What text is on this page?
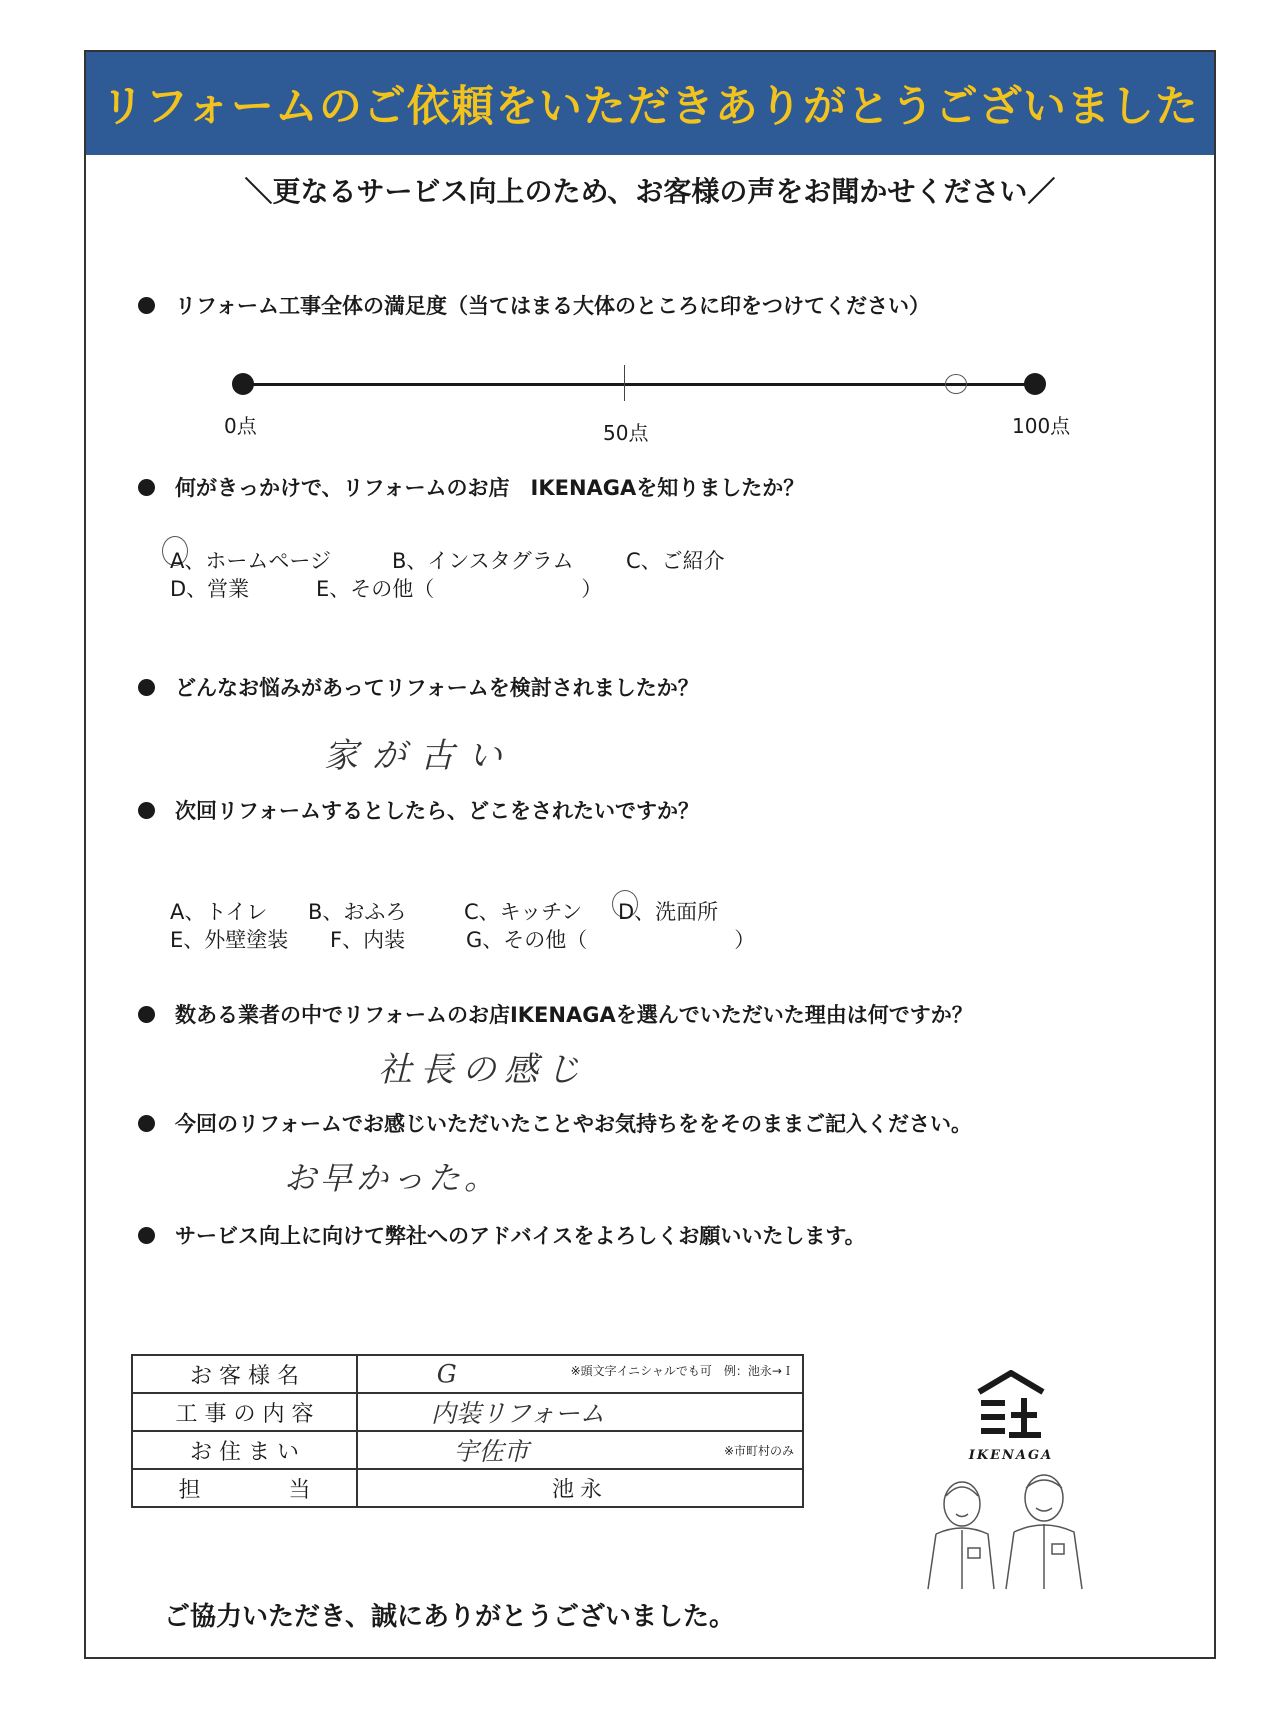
リフォームのご依頼をいただきありがとうございました
＼更なるサービス向上のため、お客様の声をお聞かせください／
リフォーム工事全体の満足度（当てはまる大体のところに印をつけてください）
0点	50点	100点
何がきっかけで、リフォームのお店　IKENAGAを知りましたか？
A、ホームページ	B、インスタグラム C、ご紹介
D、営業	E、その他（　　　　　　　）
どんなお悩みがあってリフォームを検討されましたか？
家が古い
次回リフォームするとしたら、どこをされたいですか？
A、トイレ B、おふろ	C、キッチン D、洗面所
E、外壁塗装 F、内装	G、その他（　　　　　　　）
数ある業者の中でリフォームのお店IKENAGAを選んでいただいた理由は何ですか？
社長の感じ
今回のリフォームでお感じいただいたことやお気持ちををそのままご記入ください。
お早かった。
サービス向上に向けて弊社へのアドバイスをよろしくお願いいたします。
お 客 様 名	G ※頭文字イニシャルでも可　例：池永→Ｉ

工 事 の 内 容	内装リフォーム

お 住 ま い	宇佐市 ※市町村のみ

担　　　　当	池永
IKENAGA
ご協力いただき、誠にありがとうございました。
